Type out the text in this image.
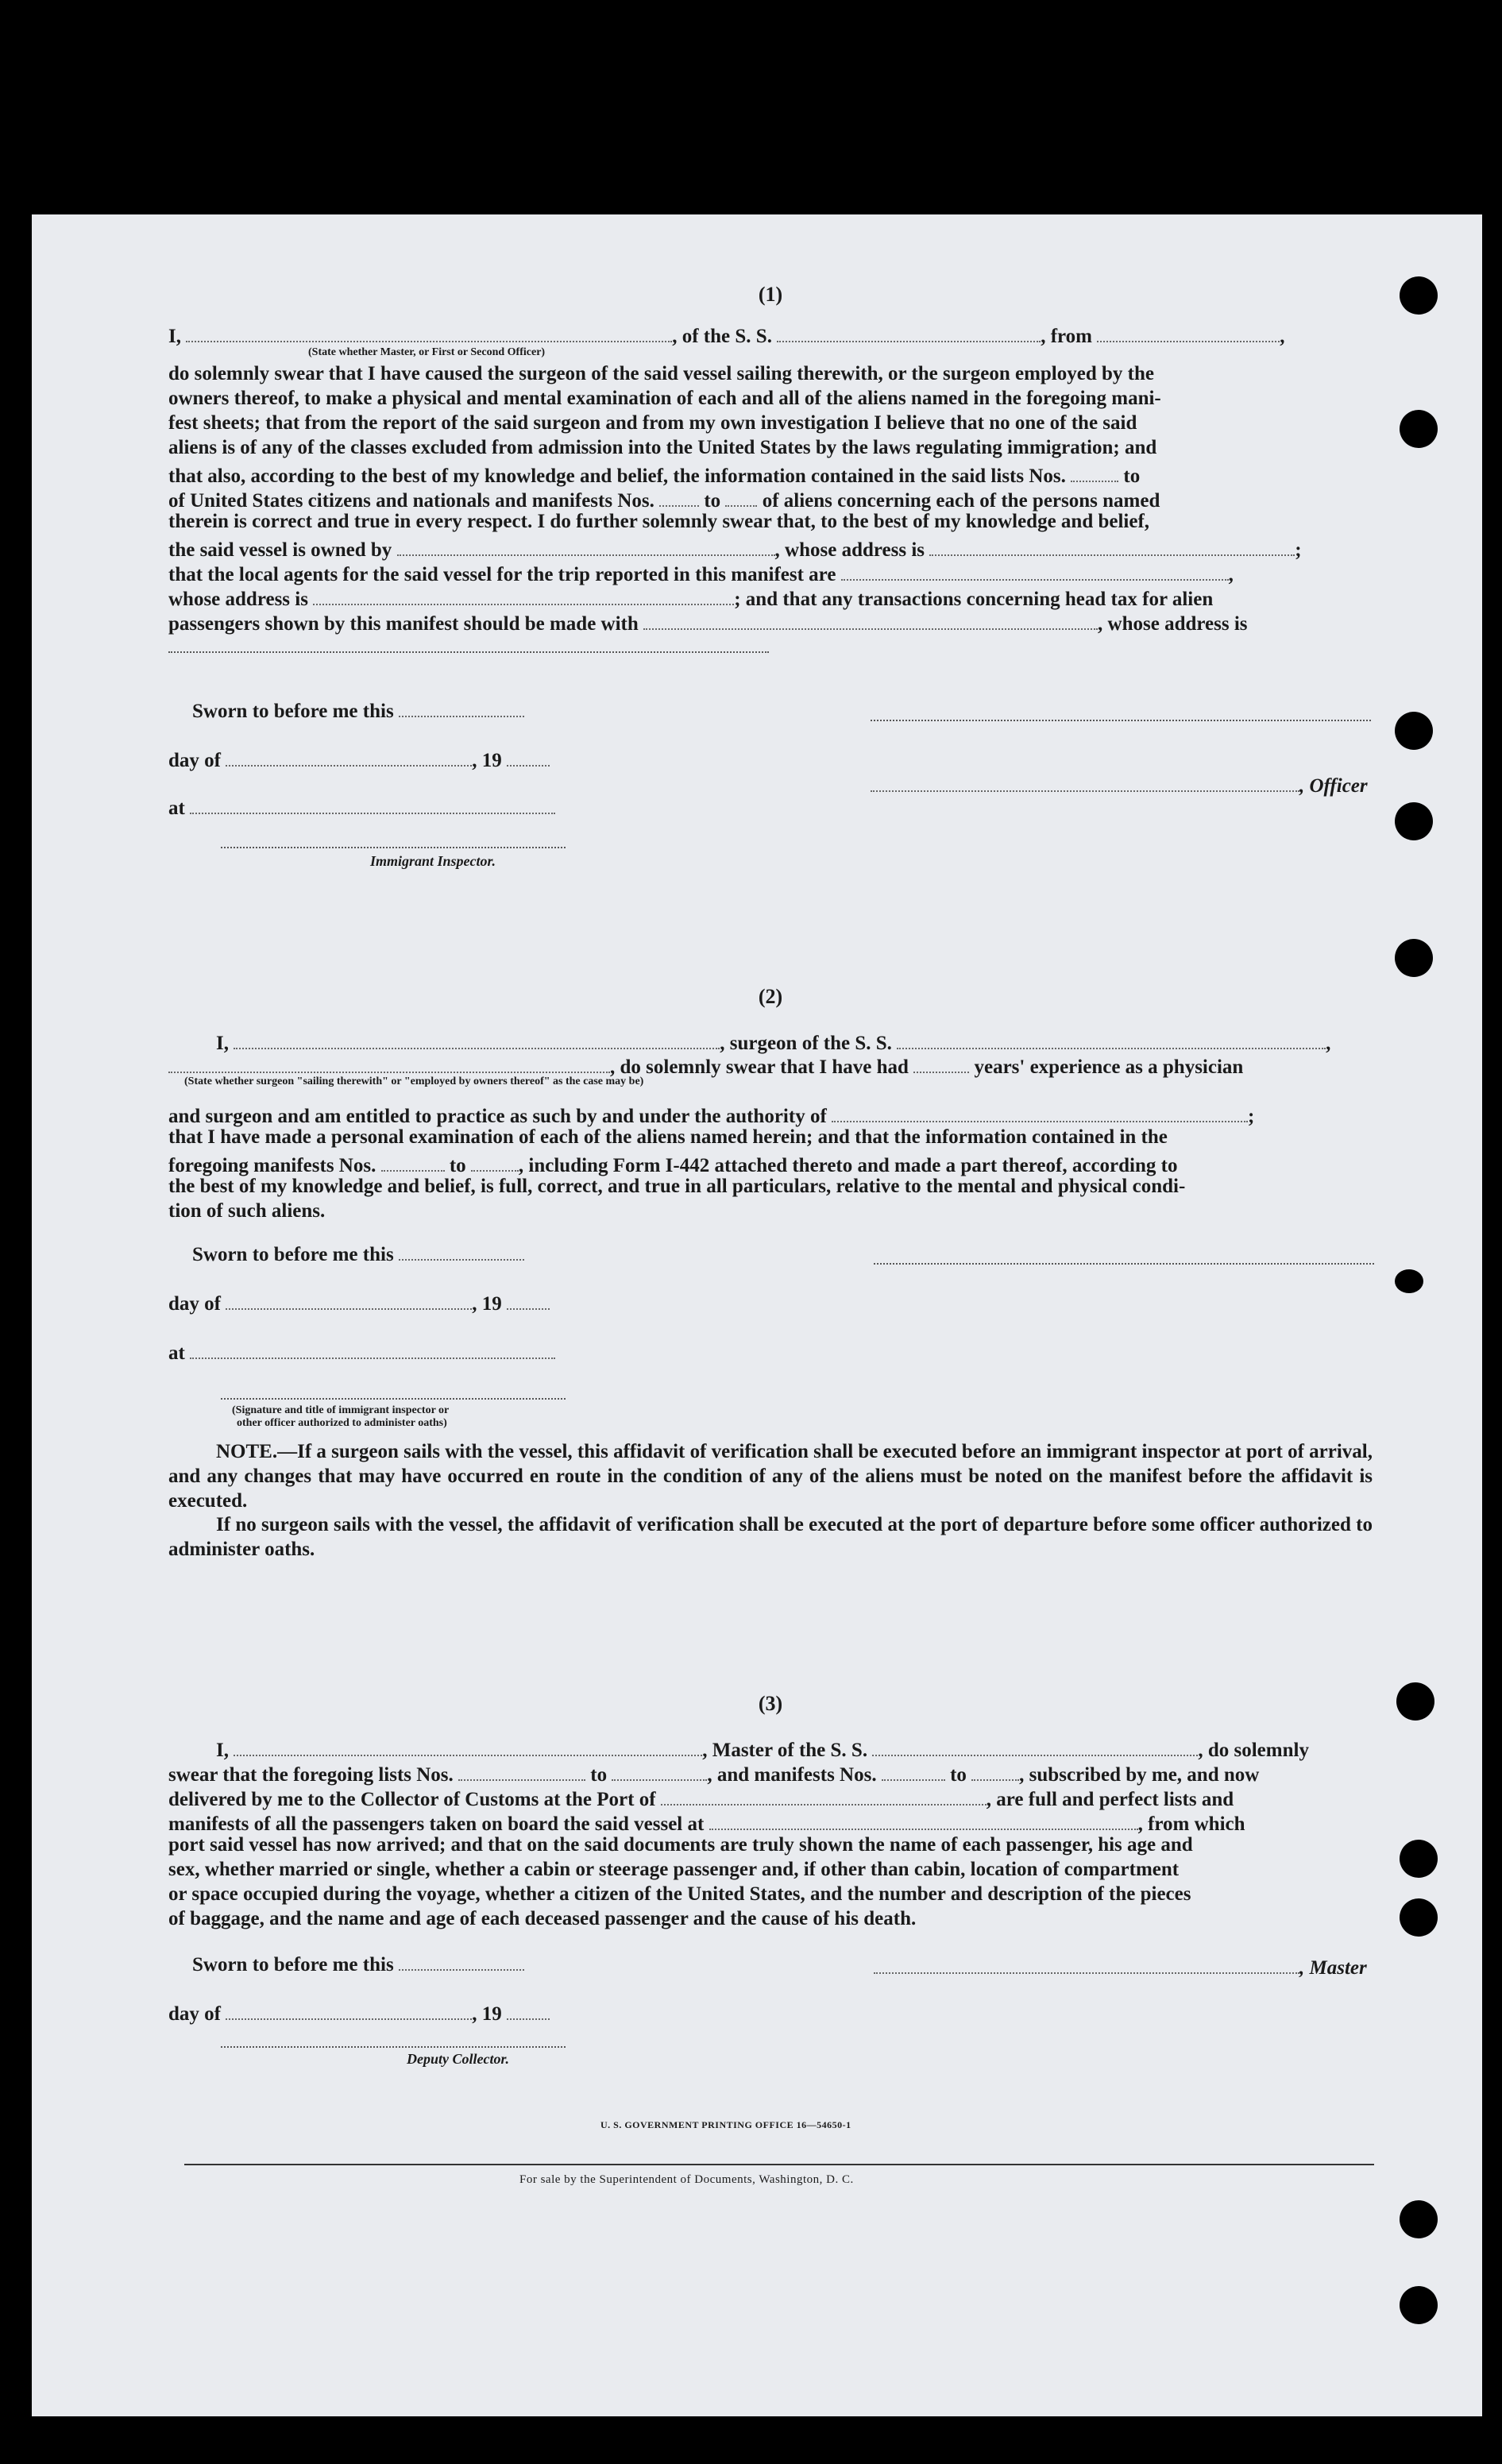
(1)
I,	, of the S. S.	, from	,
(State whether Master, or First or Second Officer)
do solemnly swear that I have caused the surgeon of the said vessel sailing therewith, or the surgeon employed by the
owners thereof, to make a physical and mental examination of each and all of the aliens named in the foregoing mani-
fest sheets; that from the report of the said surgeon and from my own investigation I believe that no one of the said
aliens is of any of the classes excluded from admission into the United States by the laws regulating immigration; and
that also, according to the best of my knowledge and belief, the information contained in the said lists Nos.	to
of United States citizens and nationals and manifests Nos.	to of aliens concerning each of the persons named
therein is correct and true in every respect. I do further solemnly swear that, to the best of my knowledge and belief,
the said vessel is owned by	, whose address is	;
that the local agents for the said vessel for the trip reported in this manifest are	,
whose address is	; and that any transactions concerning head tax for alien
passengers shown by this manifest should be made with	, whose address is
Sworn to before me this
day of	, 19
, Officer
at
Immigrant Inspector.
(2)
I,	, surgeon of the S. S.	,
, do solemnly swear that I have had	years' experience as a physician
(State whether surgeon "sailing therewith" or "employed by owners thereof" as the case may be)
and surgeon and am entitled to practice as such by and under the authority of	;
that I have made a personal examination of each of the aliens named herein; and that the information contained in the
foregoing manifests Nos.	to	, including Form I-442 attached thereto and made a part thereof, according to
the best of my knowledge and belief, is full, correct, and true in all particulars, relative to the mental and physical condi-
tion of such aliens.
Sworn to before me this
day of	, 19
at
(Signature and title of immigrant inspector or
other officer authorized to administer oaths)
NOTE.—If a surgeon sails with the vessel, this affidavit of verification shall be executed before an immigrant inspector at port of arrival, and any changes that may have occurred en route in the condition of any of the aliens must be noted on the manifest before the affidavit is executed.
If no surgeon sails with the vessel, the affidavit of verification shall be executed at the port of departure before some officer authorized to administer oaths.
(3)
I,	, Master of the S. S.	, do solemnly
swear that the foregoing lists Nos.	to	, and manifests Nos.	to	, subscribed by me, and now
delivered by me to the Collector of Customs at the Port of	, are full and perfect lists and
manifests of all the passengers taken on board the said vessel at	, from which
port said vessel has now arrived; and that on the said documents are truly shown the name of each passenger, his age and
sex, whether married or single, whether a cabin or steerage passenger and, if other than cabin, location of compartment
or space occupied during the voyage, whether a citizen of the United States, and the number and description of the pieces
of baggage, and the name and age of each deceased passenger and the cause of his death.
Sworn to before me this	, Master
day of	, 19
Deputy Collector.
U. S. GOVERNMENT PRINTING OFFICE 16—54650-1
For sale by the Superintendent of Documents, Washington, D. C.
